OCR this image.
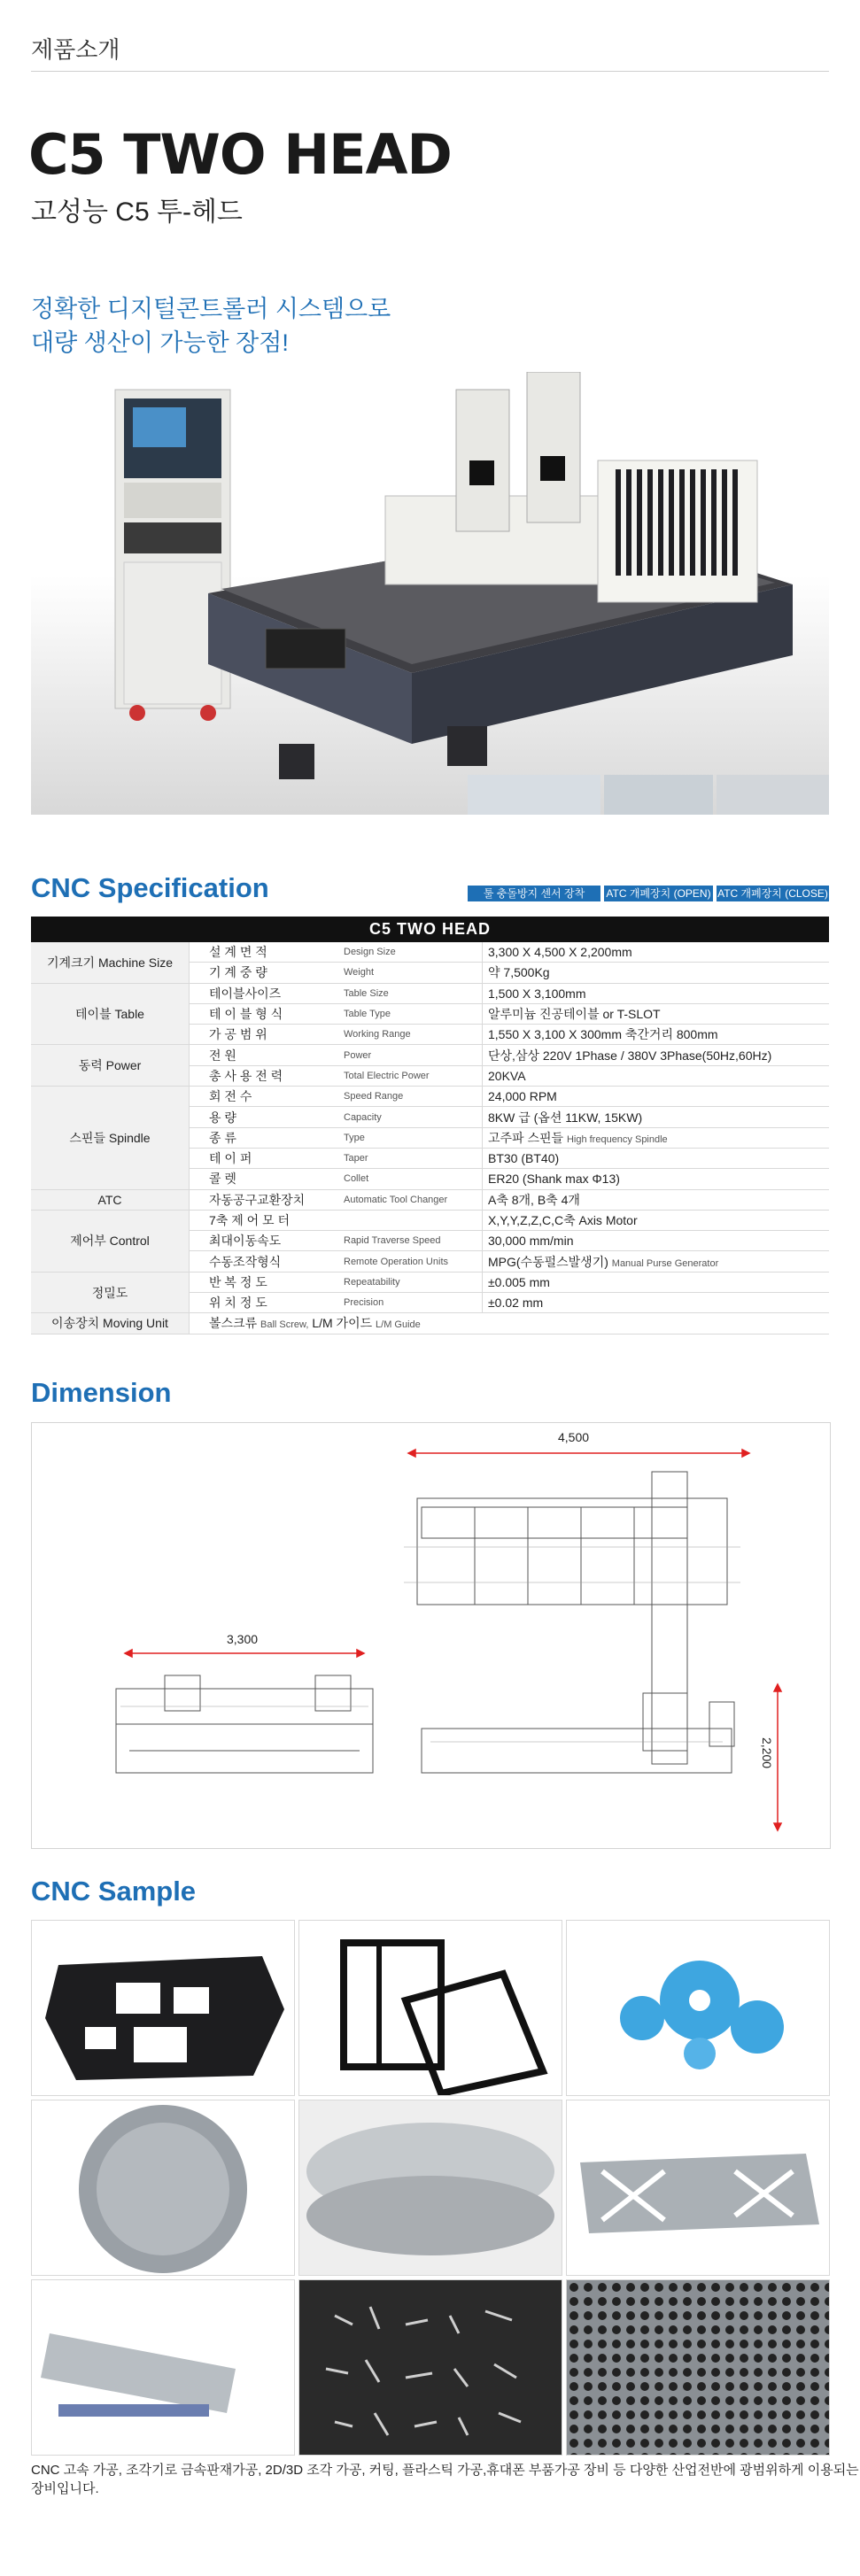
제품소개
C5 TWO HEAD
고성능 C5 투-헤드
정확한 디지털콘트롤러 시스템으로
대량 생산이 가능한 장점!
툴 충돌방지 센서 장착	ATC 개폐장치 (OPEN) ATC 개폐장치 (CLOSE)
CNC Specification
C5 TWO HEAD			
기계크기 Machine Size	설 계 면 적	Design Size	3,300 X 4,500 X 2,200mm
	기 계 중 량	Weight	약 7,500Kg
테이블 Table	테이블사이즈	Table Size	1,500 X 3,100mm
	테 이 블 형 식	Table Type	알루미늄 진공테이블 or T-SLOT
	가 공 범 위	Working Range	1,550 X 3,100 X 300mm 축간거리 800mm
동력 Power	전 원	Power	단상,삼상 220V 1Phase / 380V 3Phase(50Hz,60Hz)
	총 사 용 전 력	Total Electric Power	20KVA
스핀들 Spindle	회 전 수	Speed Range	24,000 RPM
	용 량	Capacity	8KW 급 (옵션 11KW, 15KW)
	종 류	Type	고주파 스핀들 High frequency Spindle
	테 이 퍼	Taper	BT30 (BT40)
	콜 렛	Collet	ER20 (Shank max Φ13)
ATC	자동공구교환장치	Automatic Tool Changer	A축 8개, B축 4개
제어부 Control	7축 제 어 모 터		X,Y,Y,Z,Z,C,C축 Axis Motor
	최대이동속도	Rapid Traverse Speed	30,000 mm/min
	수동조작형식	Remote Operation Units	MPG(수동펄스발생기) Manual Purse Generator
정밀도	반 복 정 도	Repeatability	±0.005 mm
	위 치 정 도	Precision	±0.02 mm
이송장치 Moving Unit	볼스크류 Ball Screw, L/M 가이드 L/M Guide		
Dimension
4,500
3,300
2,200
CNC Sample
CNC 고속 가공, 조각기로 금속판재가공, 2D/3D 조각 가공, 커팅, 플라스틱 가공,휴대폰 부품가공 장비 등 다양한 산업전반에 광범위하게 이용되는 장비입니다.
